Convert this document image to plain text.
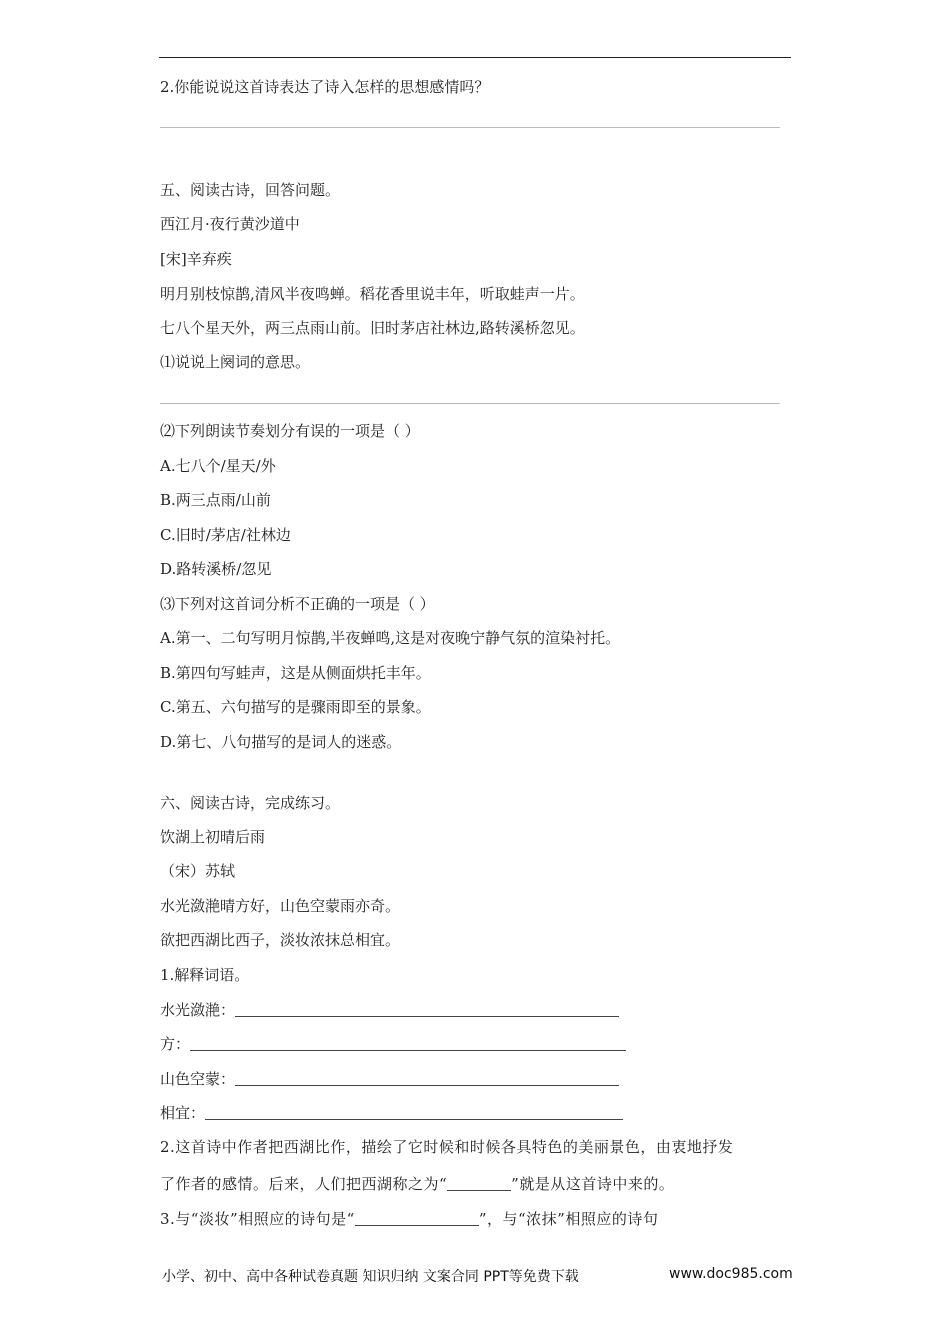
2.你能说说这首诗表达了诗入怎样的思想感情吗？
五、阅读古诗，回答问题。
西江月·夜行黄沙道中
[宋]辛弃疾
明月别枝惊鹊,清风半夜鸣蝉。稻花香里说丰年，听取蛙声一片。
七八个星天外，两三点雨山前。旧时茅店社林边,路转溪桥忽见。
⑴说说上阕词的意思。
⑵下列朗读节奏划分有误的一项是（ ）
A.七八个/星天/外
B.两三点雨/山前
C.旧时/茅店/社林边
D.路转溪桥/忽见
⑶下列对这首词分析不正确的一项是（ ）
A.第一、二句写明月惊鹊,半夜蝉鸣,这是对夜晚宁静气氛的渲染衬托。
B.第四句写蛙声，这是从侧面烘托丰年。
C.第五、六句描写的是骤雨即至的景象。
D.第七、八句描写的是词人的迷惑。
六、阅读古诗，完成练习。
饮湖上初晴后雨
（宋）苏轼
水光潋滟晴方好，山色空蒙雨亦奇。
欲把西湖比西子，淡妆浓抹总相宜。
1.解释词语。
水光潋滟：
方：
山色空蒙：
相宜：
2.这首诗中作者把西湖比作，描绘了它时候和时候各具特色的美丽景色，由衷地抒发
了作者的感情。后来，人们把西湖称之为“	”就是从这首诗中来的。
3.与“淡妆”相照应的诗句是“	”，与“浓抹”相照应的诗句
小学、初中、高中各种试卷真题 知识归纳 文案合同 PPT等免费下载	www.doc985.com
